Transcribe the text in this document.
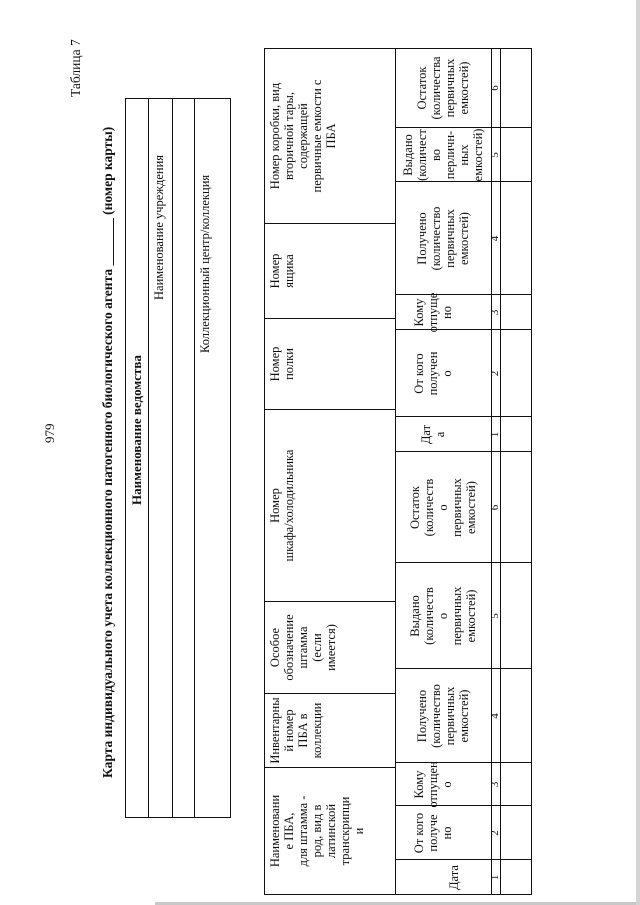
979
Таблица 7
Карта индивидуального учета коллекционного патогенного биологического агента _______ (номер карты) Наименование ведомства
Наименование учреждения	Коллекционный центр/коллекция
Наименовани
е ПБА,
для штамма -
род, вид в
латинской
транскрипци
и
Инвентарны
й номер
ПБА в
коллекции
Особое
обозначение
штамма
(если
имеется)
Номер
шкафа/холодильника
Номер
полки
Номер
ящика
Номер коробки, вид
вторичной тары,
содержащей
первичные емкости с
ПБА
Дата
От кого
получе
но
Кому
отпущен
о
Получено
(количество
первичных
емкостей)
Выдано
(количеств
о
первичных
емкостей)
Остаток
(количеств
о
первичных
емкостей)
Дат
а
От кого
получен
о
Кому
отпуще
но
Получено
(количество
первичных
емкостей)
Выдано
(количест
во
перличн-
ных
емкостей)
Остаток
(количества
первичных
емкостей)
1
2
3
4
5
6
1
2
3
4
5
6
